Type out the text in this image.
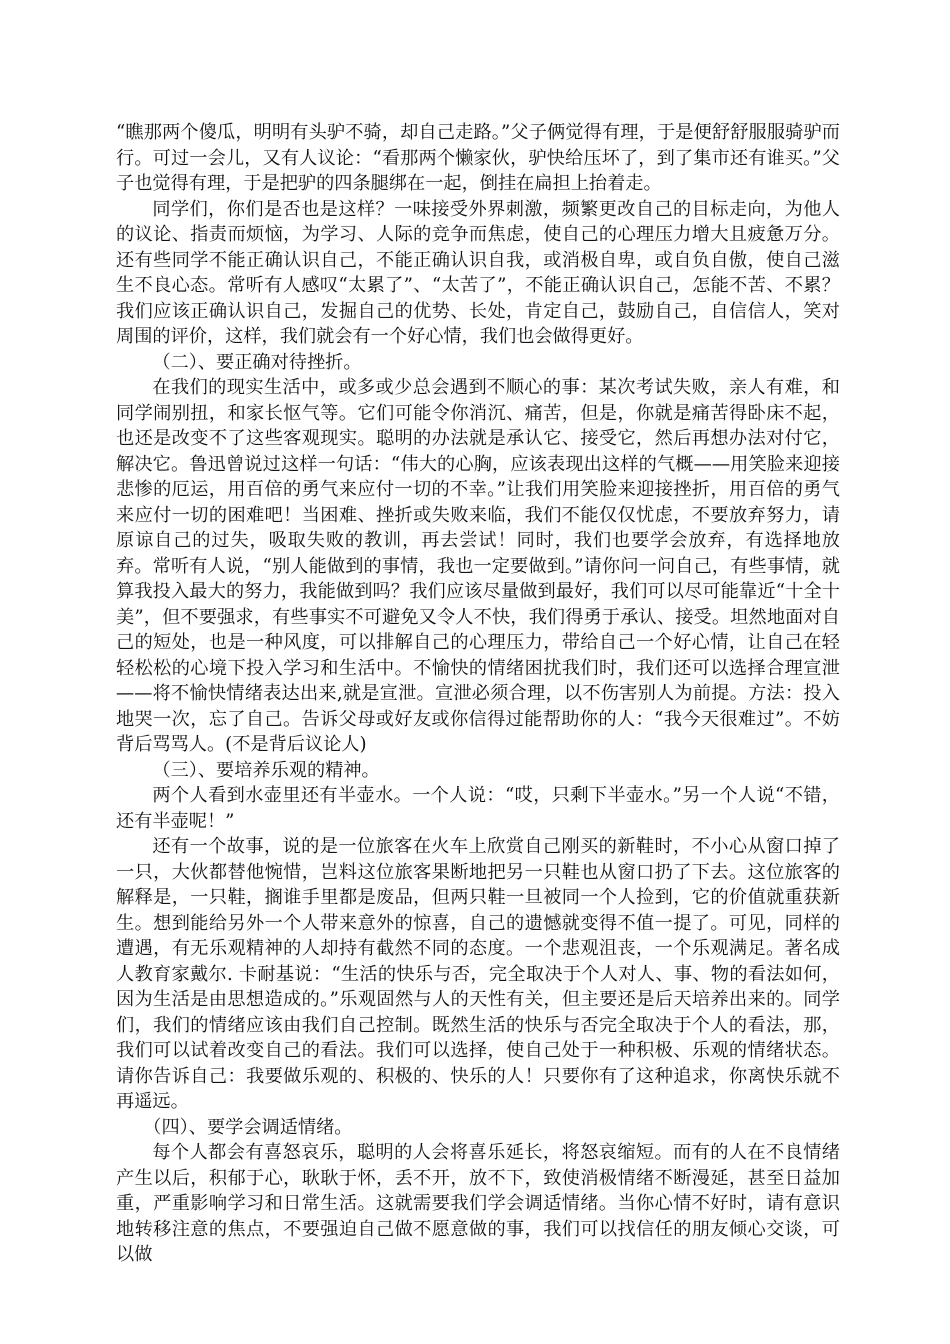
“瞧那两个傻瓜，明明有头驴不骑，却自己走路。”父子俩觉得有理，于是便舒舒服服骑驴而行。可过一会儿，又有人议论：“看那两个懒家伙，驴快给压坏了，到了集市还有谁买。”父子也觉得有理，于是把驴的四条腿绑在一起，倒挂在扁担上抬着走。

同学们，你们是否也是这样？一味接受外界刺激，频繁更改自己的目标走向，为他人的议论、指责而烦恼，为学习、人际的竞争而焦虑，使自己的心理压力增大且疲惫万分。还有些同学不能正确认识自己，不能正确认识自我，或消极自卑，或自负自傲，使自己滋生不良心态。常听有人感叹“太累了”、“太苦了”，不能正确认识自己，怎能不苦、不累？我们应该正确认识自己，发掘自己的优势、长处，肯定自己，鼓励自己，自信信人，笑对周围的评价，这样，我们就会有一个好心情，我们也会做得更好。

（二）、要正确对待挫折。

在我们的现实生活中，或多或少总会遇到不顺心的事：某次考试失败，亲人有难，和同学闹别扭，和家长怄气等。它们可能令你消沉、痛苦，但是，你就是痛苦得卧床不起，也还是改变不了这些客观现实。聪明的办法就是承认它、接受它，然后再想办法对付它，解决它。鲁迅曾说过这样一句话：“伟大的心胸，应该表现出这样的气概——用笑脸来迎接悲惨的厄运，用百倍的勇气来应付一切的不幸。”让我们用笑脸来迎接挫折，用百倍的勇气来应付一切的困难吧！当困难、挫折或失败来临，我们不能仅仅忧虑，不要放弃努力，请原谅自己的过失，吸取失败的教训，再去尝试！同时，我们也要学会放弃，有选择地放弃。常听有人说，“别人能做到的事情，我也一定要做到。”请你问一问自己，有些事情，就算我投入最大的努力，我能做到吗？我们应该尽量做到最好，我们可以尽可能靠近“十全十美”，但不要强求，有些事实不可避免又令人不快，我们得勇于承认、接受。坦然地面对自己的短处，也是一种风度，可以排解自己的心理压力，带给自己一个好心情，让自己在轻轻松松的心境下投入学习和生活中。不愉快的情绪困扰我们时，我们还可以选择合理宣泄——将不愉快情绪表达出来,就是宣泄。宣泄必须合理，以不伤害别人为前提。方法：投入地哭一次，忘了自己。告诉父母或好友或你信得过能帮助你的人：“我今天很难过”。不妨背后骂骂人。(不是背后议论人)

（三）、要培养乐观的精神。

两个人看到水壶里还有半壶水。一个人说：“哎，只剩下半壶水。”另一个人说“不错，还有半壶呢！”

还有一个故事，说的是一位旅客在火车上欣赏自己刚买的新鞋时，不小心从窗口掉了一只，大伙都替他惋惜，岂料这位旅客果断地把另一只鞋也从窗口扔了下去。这位旅客的解释是，一只鞋，搁谁手里都是废品，但两只鞋一旦被同一个人捡到，它的价值就重获新生。想到能给另外一个人带来意外的惊喜，自己的遗憾就变得不值一提了。可见，同样的遭遇，有无乐观精神的人却持有截然不同的态度。一个悲观沮丧，一个乐观满足。著名成人教育家戴尔. 卡耐基说：“生活的快乐与否，完全取决于个人对人、事、物的看法如何，因为生活是由思想造成的。”乐观固然与人的天性有关，但主要还是后天培养出来的。同学们，我们的情绪应该由我们自己控制。既然生活的快乐与否完全取决于个人的看法，那，我们可以试着改变自己的看法。我们可以选择，使自己处于一种积极、乐观的情绪状态。请你告诉自己：我要做乐观的、积极的、快乐的人！只要你有了这种追求，你离快乐就不再遥远。

（四）、要学会调适情绪。

每个人都会有喜怒哀乐，聪明的人会将喜乐延长，将怒哀缩短。而有的人在不良情绪产生以后，积郁于心，耿耿于怀，丢不开，放不下，致使消极情绪不断漫延，甚至日益加重，严重影响学习和日常生活。这就需要我们学会调适情绪。当你心情不好时，请有意识地转移注意的焦点，不要强迫自己做不愿意做的事，我们可以找信任的朋友倾心交谈，可以做
